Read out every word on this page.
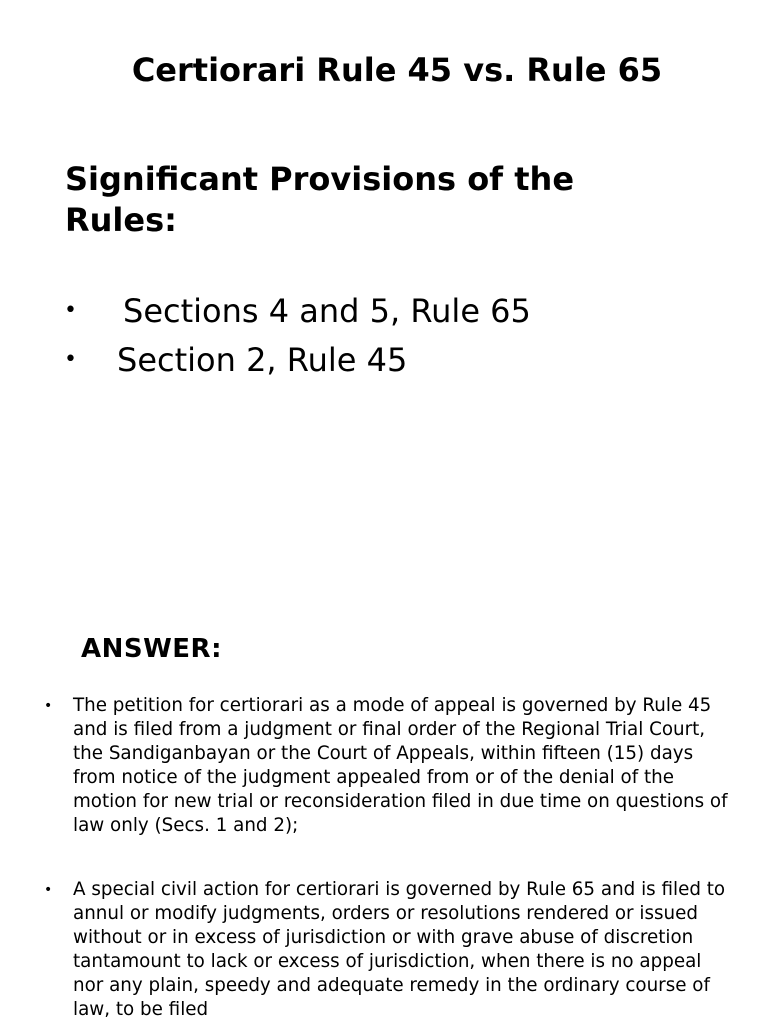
Certiorari Rule 45 vs. Rule 65
Significant Provisions of the Rules:
• Sections 4 and 5, Rule 65
• Section 2, Rule 45
ANSWER:
• The petition for certiorari as a mode of appeal is governed by Rule 45 and is filed from a judgment or final order of the Regional Trial Court, the Sandiganbayan or the Court of Appeals, within fifteen (15) days from notice of the judgment appealed from or of the denial of the motion for new trial or reconsideration filed in due time on questions of law only (Secs. 1 and 2);
• A special civil action for certiorari is governed by Rule 65 and is filed to annul or modify judgments, orders or resolutions rendered or issued without or in excess of jurisdiction or with grave abuse of discretion tantamount to lack or excess of jurisdiction, when there is no appeal nor any plain, speedy and adequate remedy in the ordinary course of law, to be filed
